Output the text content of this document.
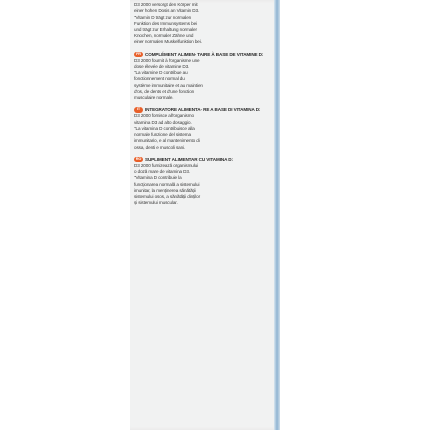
D3 2000 versorgt den Körper mit

einer hohen Dosis an Vitamin D3.

"Vitamin D trägt zur normalen

Funktion des Immunsystems bei

und trägt zur Erhaltung normaler

Knochen, normaler Zähne und

einer normalen Muskelfunktion bei.

FR COMPLÉMENT ALIMEN- TAIRE À BASE DE VITAMINE D:

D3 2000 fournit à l'organisme une

dose élevée de vitamine D3.

"La vitamine D contribue au

fonctionnement normal du

système immunitaire et au maintien

d'os, de dents et d'une fonction

musculaire normale.

IT INTEGRATORE ALIMENTA- RE A BASE DI VITAMINA D:

D3 2000 fornisce all'organismo

vitamina D3 ad alto dosaggio.

"La vitamina D contribuisce alla

normale funzione del sistema

immunitario, e al mantenimento di

ossa, denti e muscoli sani.

RO SUPLIMENT ALIMENTAR CU VITAMINA D:

D3 2000 furnizează organismului

o doză mare de vitamina D3.

"Vitamina D contribuie la

funcționarea normală a sistemului

imunitar, la menținerea sănătății

sistemului osos, a sănătății dinților

și sistemului muscular.
